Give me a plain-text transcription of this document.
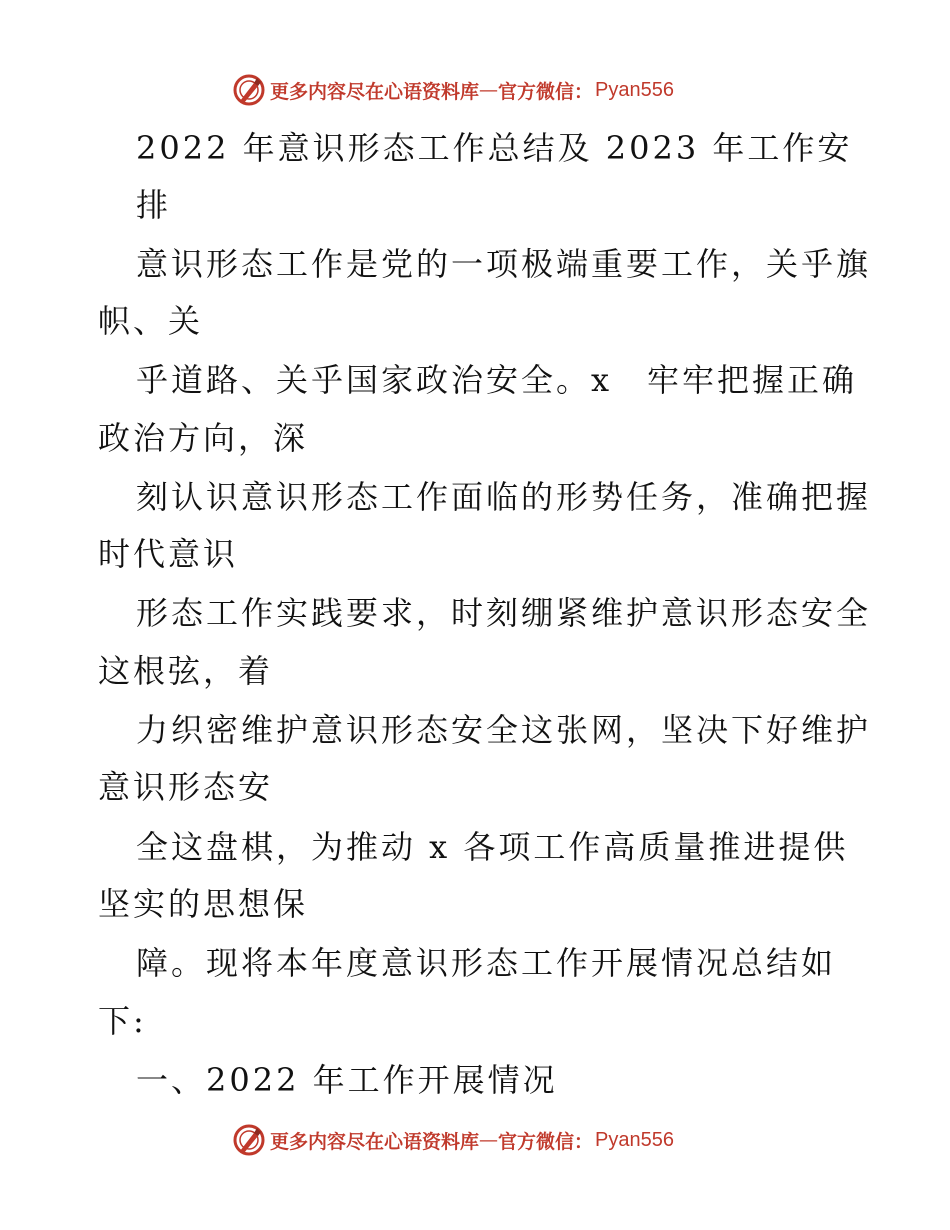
更多内容尽在心语资料库 — 官方微信： Pyan556
2022 年意识形态工作总结及 2023 年工作安
排
意识形态工作是党的一项极端重要工作，关乎旗
帜、关
乎道路、关乎国家政治安全。x　牢牢把握正确
政治方向，深
刻认识意识形态工作面临的形势任务，准确把握
时代意识
形态工作实践要求，时刻绷紧维护意识形态安全
这根弦，着
力织密维护意识形态安全这张网，坚决下好维护
意识形态安
全这盘棋，为推动 x 各项工作高质量推进提供
坚实的思想保
障。现将本年度意识形态工作开展情况总结如
下:
一、2022 年工作开展情况
更多内容尽在心语资料库 — 官方微信： Pyan556
